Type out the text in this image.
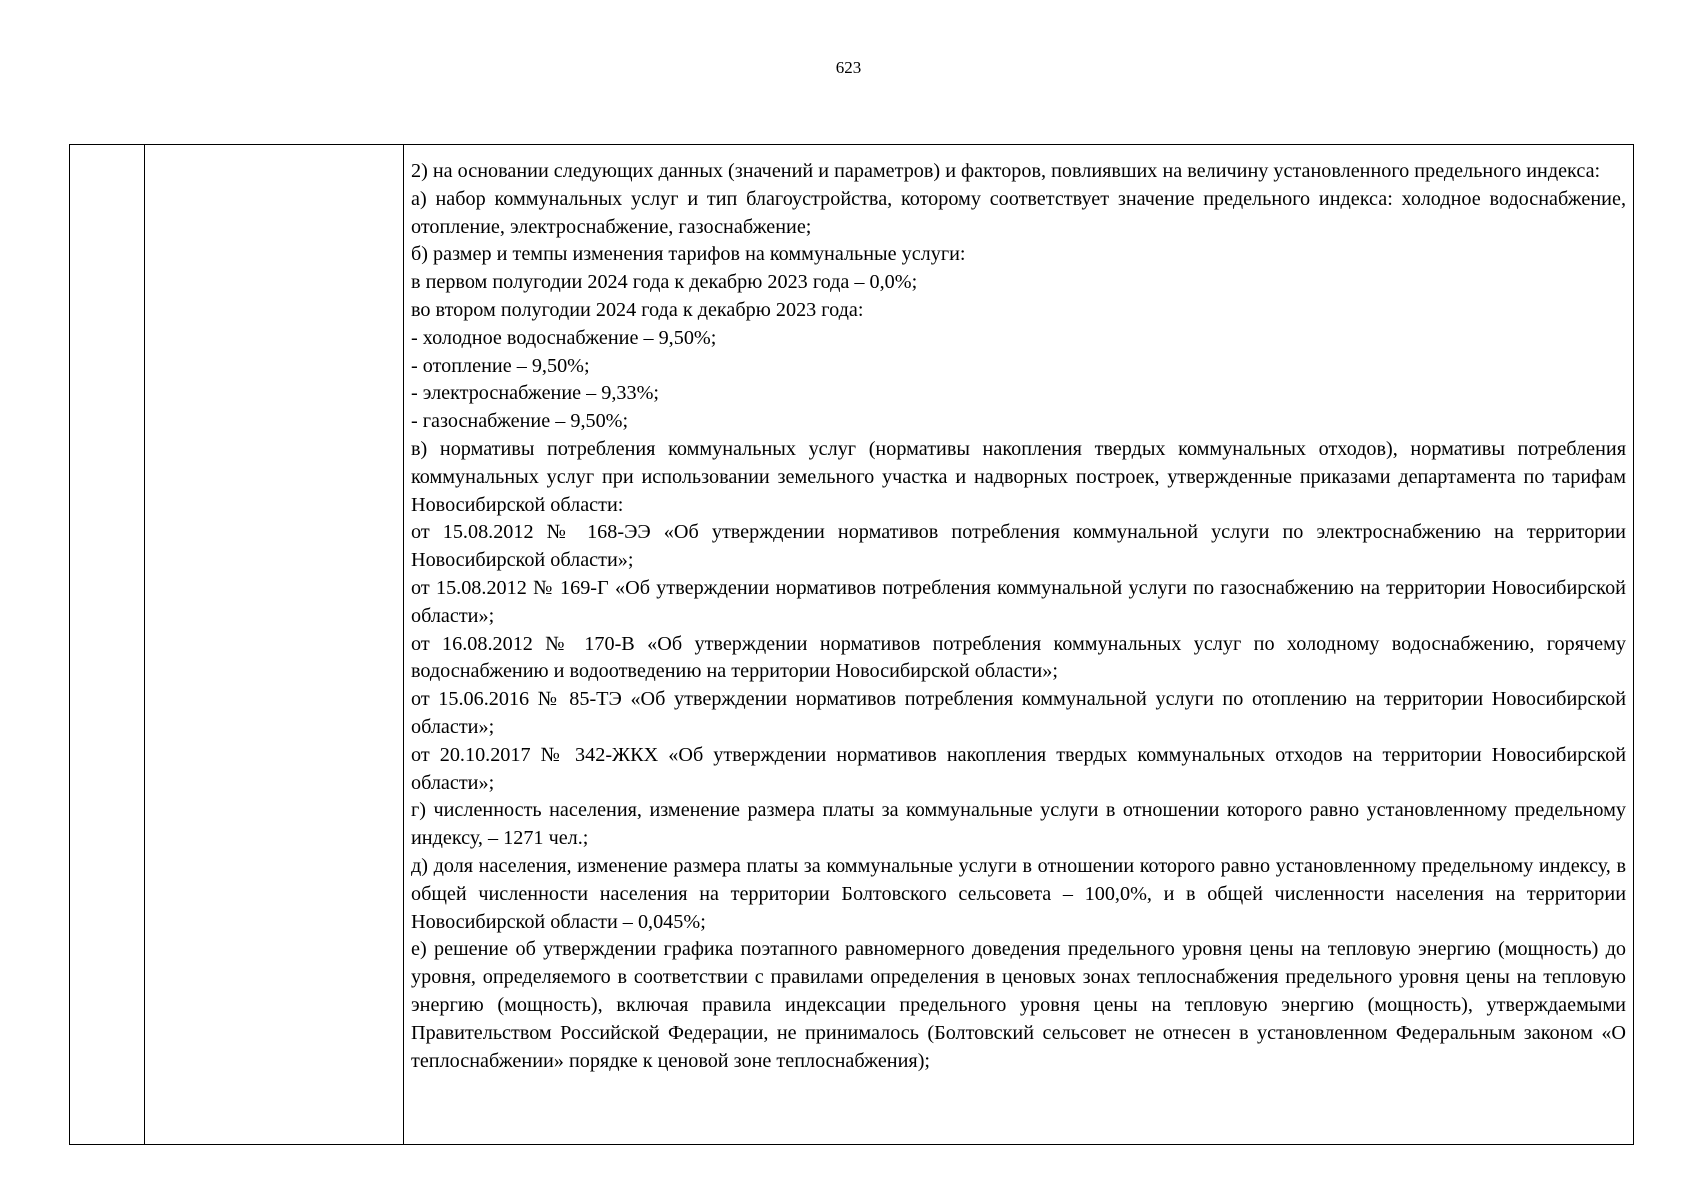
623

2) на основании следующих данных (значений и параметров) и факторов, повлиявших на величину установленного предельного индекса:

а) набор коммунальных услуг и тип благоустройства, которому соответствует значение предельного индекса: холодное водоснабжение, отопление, электроснабжение, газоснабжение;

б) размер и темпы изменения тарифов на коммунальные услуги:

в первом полугодии 2024 года к декабрю 2023 года – 0,0%;

во втором полугодии 2024 года к декабрю 2023 года:

- холодное водоснабжение – 9,50%;

- отопление – 9,50%;

- электроснабжение – 9,33%;

- газоснабжение – 9,50%;

в) нормативы потребления коммунальных услуг (нормативы накопления твердых коммунальных отходов), нормативы потребления коммунальных услуг при использовании земельного участка и надворных построек, утвержденные приказами департамента по тарифам Новосибирской области:

от 15.08.2012 № 168-ЭЭ «Об утверждении нормативов потребления коммунальной услуги по электроснабжению на территории Новосибирской области»;

от 15.08.2012 № 169-Г «Об утверждении нормативов потребления коммунальной услуги по газоснабжению на территории Новосибирской области»;

от 16.08.2012 № 170-В «Об утверждении нормативов потребления коммунальных услуг по холодному водоснабжению, горячему водоснабжению и водоотведению на территории Новосибирской области»;

от 15.06.2016 № 85-ТЭ «Об утверждении нормативов потребления коммунальной услуги по отоплению на территории Новосибирской области»;

от 20.10.2017 № 342-ЖКХ «Об утверждении нормативов накопления твердых коммунальных отходов на территории Новосибирской области»;

г) численность населения, изменение размера платы за коммунальные услуги в отношении которого равно установленному предельному индексу, – 1271 чел.;

д) доля населения, изменение размера платы за коммунальные услуги в отношении которого равно установленному предельному индексу, в общей численности населения на территории Болтовского сельсовета – 100,0%, и в общей численности населения на территории Новосибирской области – 0,045%;

е) решение об утверждении графика поэтапного равномерного доведения предельного уровня цены на тепловую энергию (мощность) до уровня, определяемого в соответствии с правилами определения в ценовых зонах теплоснабжения предельного уровня цены на тепловую энергию (мощность), включая правила индексации предельного уровня цены на тепловую энергию (мощность), утверждаемыми Правительством Российской Федерации, не принималось (Болтовский сельсовет не отнесен в установленном Федеральным законом «О теплоснабжении» порядке к ценовой зоне теплоснабжения);
